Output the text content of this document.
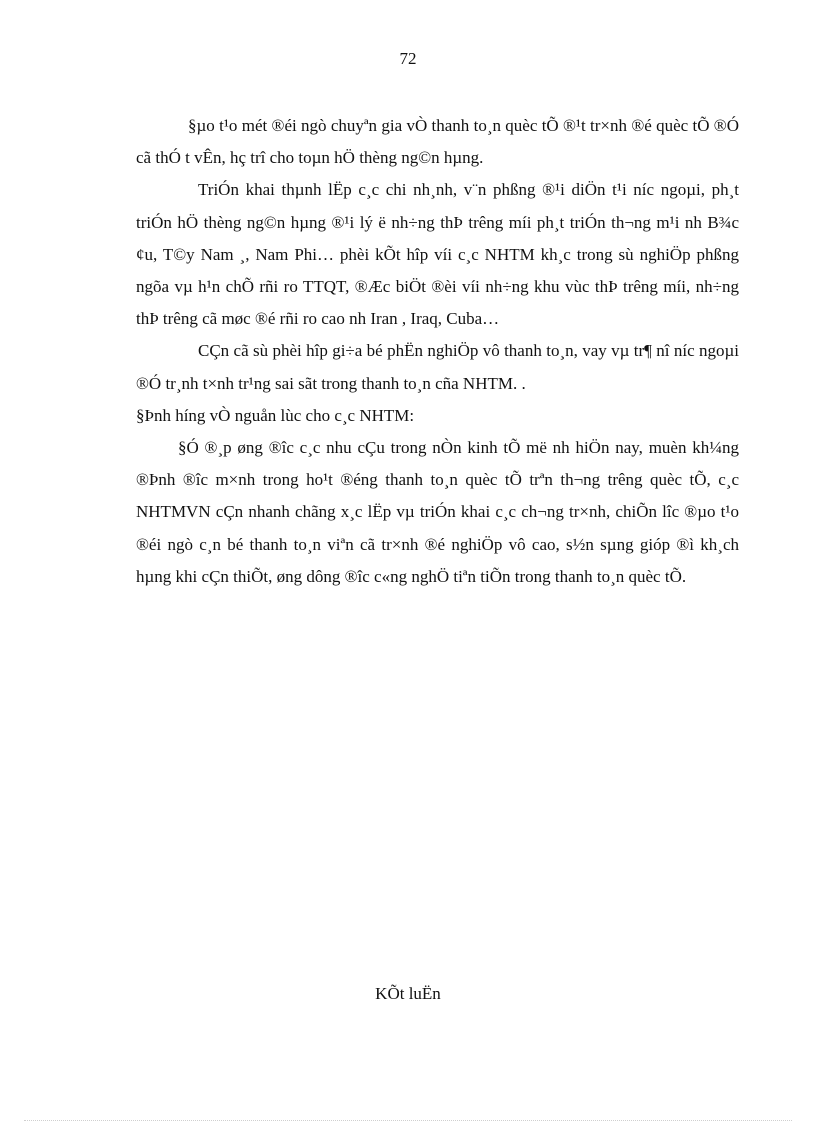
72

§µo t¹o mét ®éi ngò chuyªn gia vÒ thanh to¸n quèc tÕ ®¹t tr×nh ®é quèc tÕ ®Ó cã thÓ t vÊn, hç trî cho toµn hÖ thèng ng©n hµng.

TriÓn khai thµnh lËp c¸c chi nh¸nh, v¨n phßng ®¹i diÖn t¹i níc ngoµi, ph¸t triÓn hÖ thèng ng©n hµng ®¹i lý ë nh÷ng thÞ trêng míi ph¸t triÓn th¬ng m¹i nh B¾c ¢u, T©y Nam ¸, Nam Phi… phèi kÕt hîp víi c¸c NHTM kh¸c trong sù nghiÖp phßng ngõa vµ h¹n chÕ rñi ro TTQT, ®Æc biÖt ®èi víi nh÷ng khu vùc thÞ trêng míi, nh÷ng thÞ trêng cã møc ®é rñi ro cao nh Iran , Iraq, Cuba…

CÇn cã sù phèi hîp gi÷a bé phËn nghiÖp vô thanh to¸n, vay vµ tr¶ nî níc ngoµi ®Ó tr¸nh t×nh tr¹ng sai sãt trong thanh to¸n cña NHTM. .

§Þnh híng vÒ nguån lùc cho c¸c NHTM:

§Ó ®¸p øng ®îc c¸c nhu cÇu trong nÒn kinh tÕ më nh hiÖn nay, muèn kh¼ng ®Þnh ®îc m×nh trong ho¹t ®éng thanh to¸n quèc tÕ trªn th¬ng trêng quèc tÕ, c¸c NHTMVN cÇn nhanh chãng x¸c lËp vµ triÓn khai c¸c ch¬ng tr×nh, chiÕn lîc ®µo t¹o ®éi ngò c¸n bé thanh to¸n viªn cã tr×nh ®é nghiÖp vô cao, s½n sµng gióp ®ì kh¸ch hµng khi cÇn thiÕt, øng dông ®îc c«ng nghÖ tiªn tiÕn trong thanh to¸n quèc tÕ.

KÕt luËn
